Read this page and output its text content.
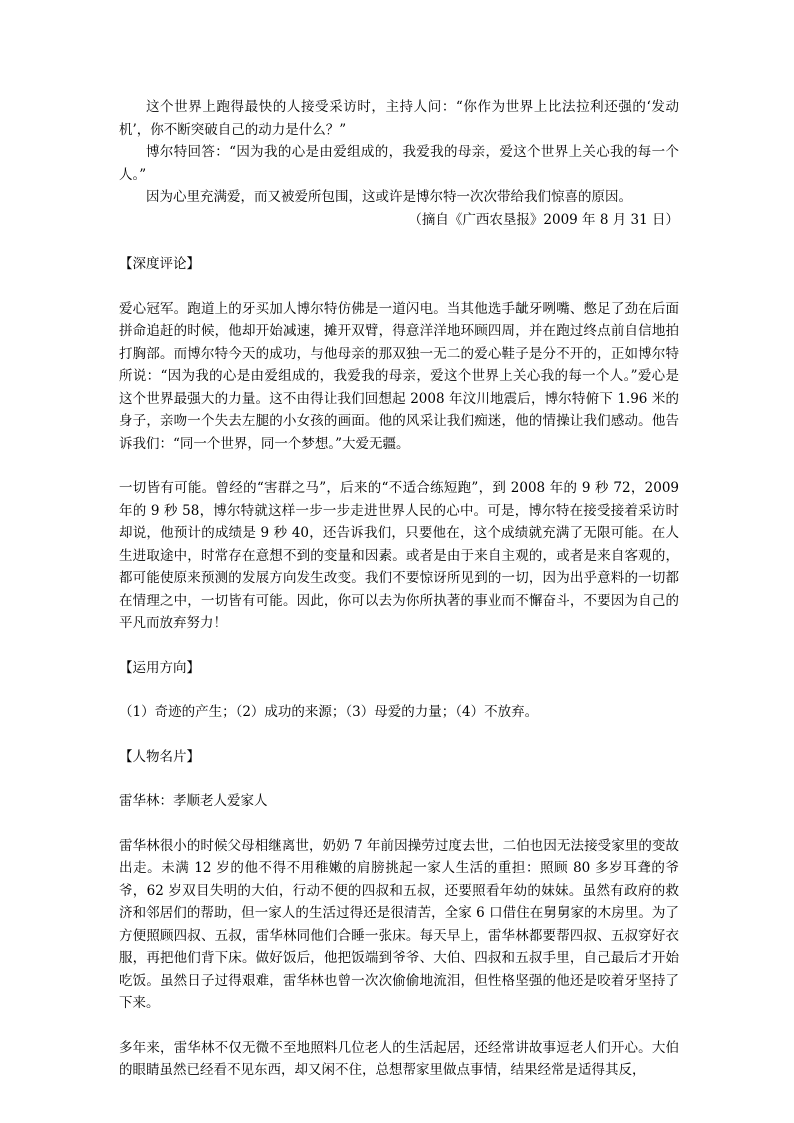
这个世界上跑得最快的人接受采访时，主持人问：“你作为世界上比法拉利还强的‘发动机’，你不断突破自己的动力是什么？”

博尔特回答：“因为我的心是由爱组成的，我爱我的母亲，爱这个世界上关心我的每一个人。”

因为心里充满爱，而又被爱所包围，这或许是博尔特一次次带给我们惊喜的原因。

（摘自《广西农垦报》2009 年 8 月 31 日）

【深度评论】

爱心冠军。跑道上的牙买加人博尔特仿佛是一道闪电。当其他选手龇牙咧嘴、憋足了劲在后面拼命追赶的时候，他却开始减速，摊开双臂，得意洋洋地环顾四周，并在跑过终点前自信地拍打胸部。而博尔特今天的成功，与他母亲的那双独一无二的爱心鞋子是分不开的，正如博尔特所说：“因为我的心是由爱组成的，我爱我的母亲，爱这个世界上关心我的每一个人。”爱心是这个世界最强大的力量。这不由得让我们回想起 2008 年汶川地震后，博尔特俯下 1.96 米的身子，亲吻一个失去左腿的小女孩的画面。他的风采让我们痴迷，他的情操让我们感动。他告诉我们：“同一个世界，同一个梦想。”大爱无疆。

一切皆有可能。曾经的“害群之马”，后来的“不适合练短跑”，到 2008 年的 9 秒 72，2009 年的 9 秒 58，博尔特就这样一步一步走进世界人民的心中。可是，博尔特在接受接着采访时却说，他预计的成绩是 9 秒 40，还告诉我们，只要他在，这个成绩就充满了无限可能。在人生进取途中，时常存在意想不到的变量和因素。或者是由于来自主观的，或者是来自客观的，都可能使原来预测的发展方向发生改变。我们不要惊讶所见到的一切，因为出乎意料的一切都在情理之中，一切皆有可能。因此，你可以去为你所执著的事业而不懈奋斗，不要因为自己的平凡而放弃努力！

【运用方向】

（1）奇迹的产生；（2）成功的来源；（3）母爱的力量；（4）不放弃。

【人物名片】

雷华林：孝顺老人爱家人

雷华林很小的时候父母相继离世，奶奶 7 年前因操劳过度去世，二伯也因无法接受家里的变故出走。未满 12 岁的他不得不用稚嫩的肩膀挑起一家人生活的重担：照顾 80 多岁耳聋的爷爷，62 岁双目失明的大伯，行动不便的四叔和五叔，还要照看年幼的妹妹。虽然有政府的救济和邻居们的帮助，但一家人的生活过得还是很清苦，全家 6 口借住在舅舅家的木房里。为了方便照顾四叔、五叔，雷华林同他们合睡一张床。每天早上，雷华林都要帮四叔、五叔穿好衣服，再把他们背下床。做好饭后，他把饭端到爷爷、大伯、四叔和五叔手里，自己最后才开始吃饭。虽然日子过得艰难，雷华林也曾一次次偷偷地流泪，但性格坚强的他还是咬着牙坚持了下来。

多年来，雷华林不仅无微不至地照料几位老人的生活起居，还经常讲故事逗老人们开心。大伯的眼睛虽然已经看不见东西，却又闲不住，总想帮家里做点事情，结果经常是适得其反，
